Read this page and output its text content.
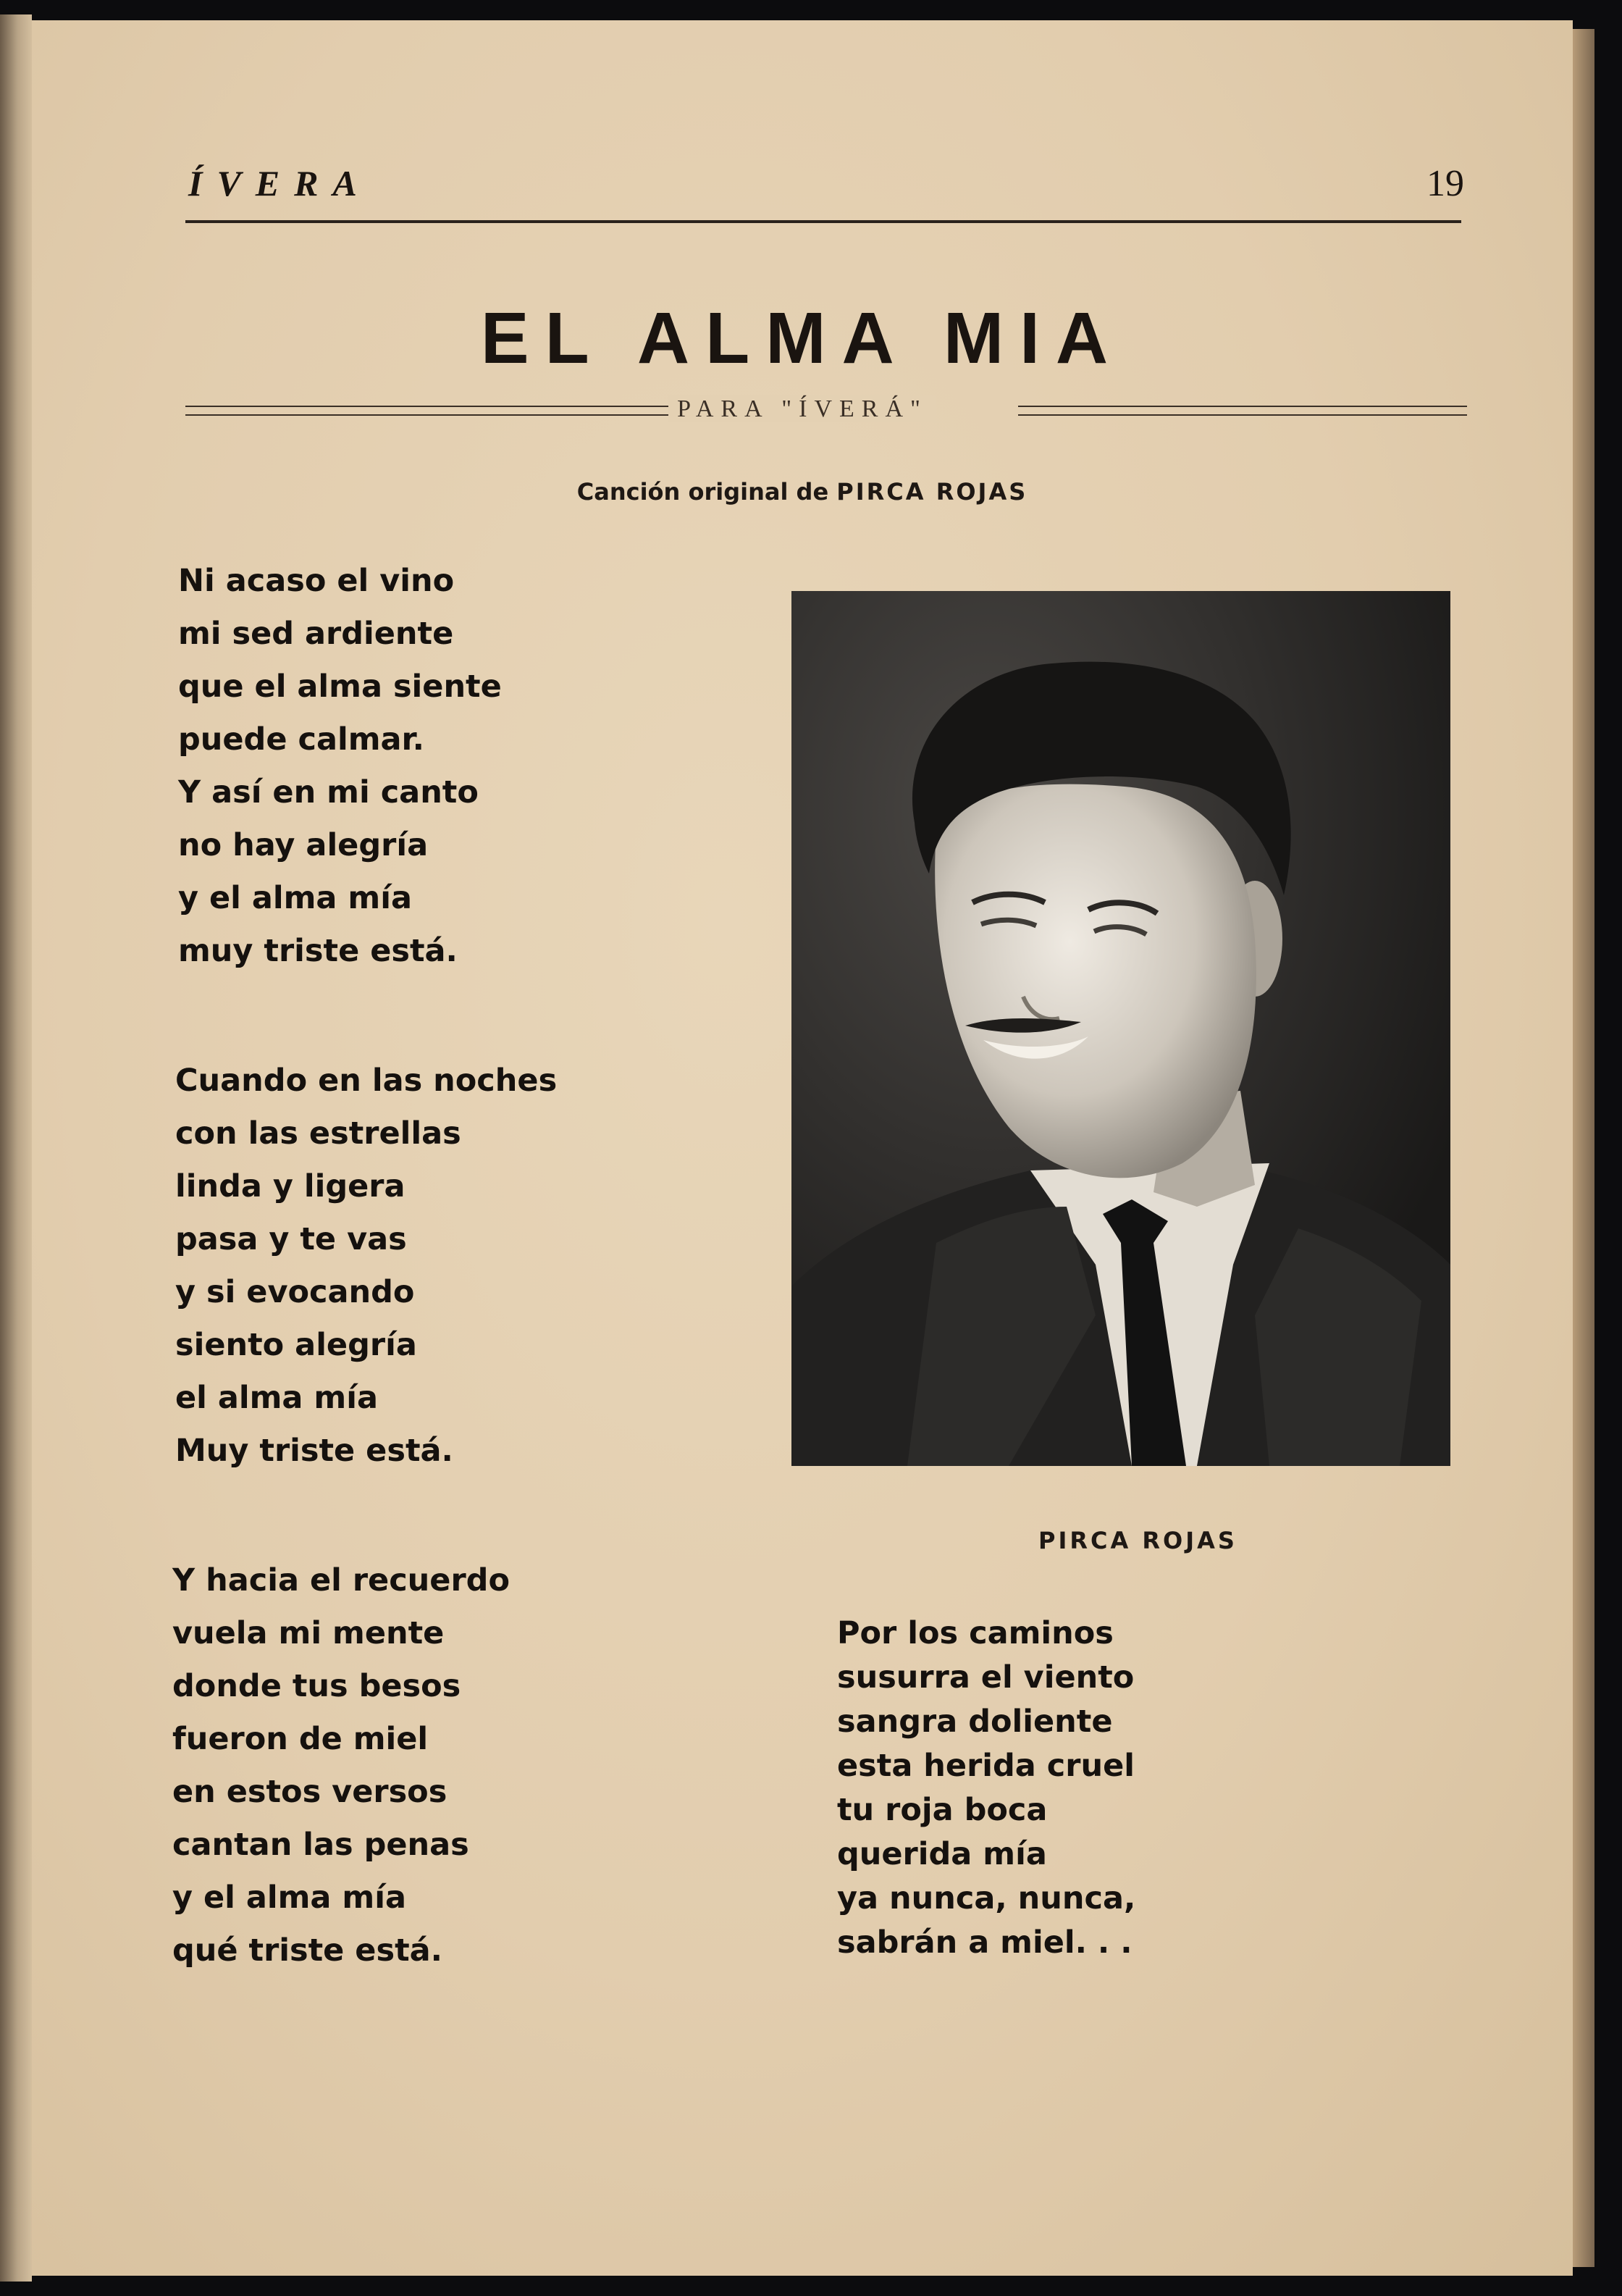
ÍVERA	19
EL ALMA MIA
PARA "ÍVERÁ"
Canción original de PIRCA ROJAS
Ni acaso el vino
mi sed ardiente
que el alma siente
puede calmar.
Y así en mi canto
no hay alegría
y el alma mía
muy triste está.
Cuando en las noches
con las estrellas
linda y ligera
pasa y te vas
y si evocando
siento alegría
el alma mía
Muy triste está.
Y hacia el recuerdo
vuela mi mente
donde tus besos
fueron de miel
en estos versos
cantan las penas
y el alma mía
qué triste está.
Por los caminos
susurra el viento
sangra doliente
esta herida cruel
tu roja boca
querida mía
ya nunca, nunca,
sabrán a miel. . .
PIRCA ROJAS
